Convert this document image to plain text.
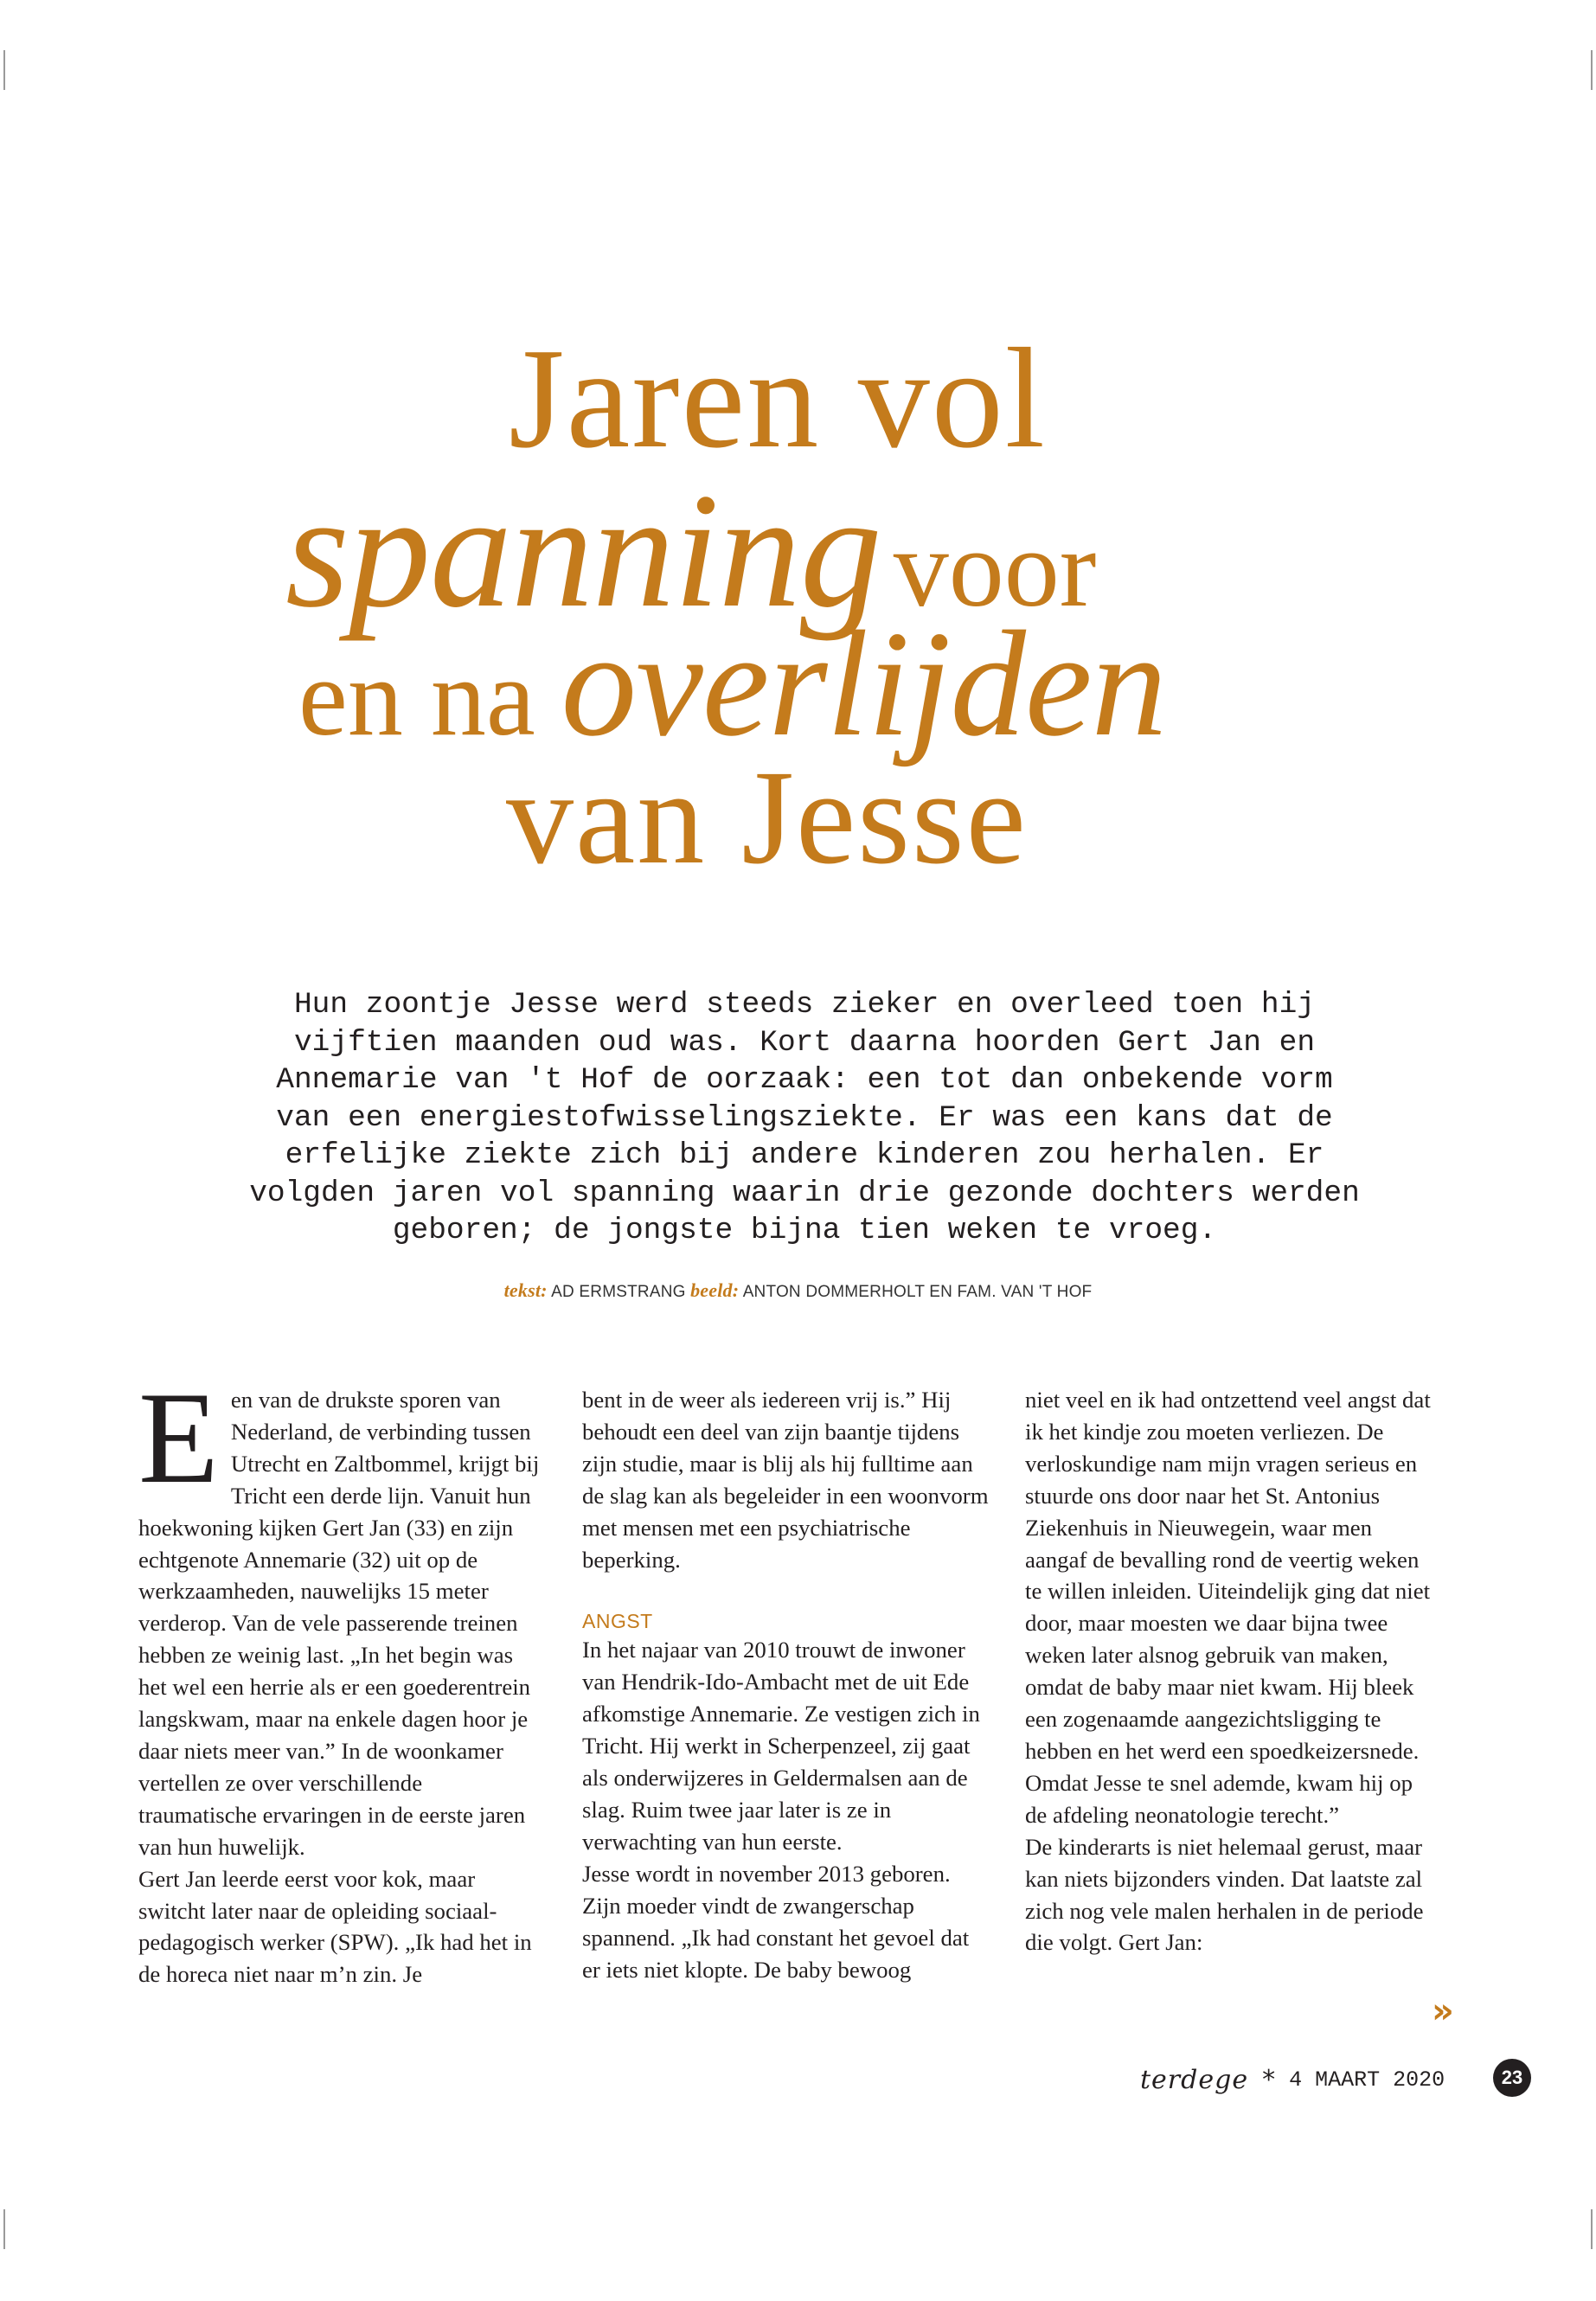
Jaren vol
spanning voor
en na overlijden
van Jesse
Hun zoontje Jesse werd steeds zieker en overleed toen hij
vijftien maanden oud was. Kort daarna hoorden Gert Jan en
Annemarie van 't Hof de oorzaak: een tot dan onbekende vorm
van een energiestofwisselingsziekte. Er was een kans dat de
erfelijke ziekte zich bij andere kinderen zou herhalen. Er
volgden jaren vol spanning waarin drie gezonde dochters werden
geboren; de jongste bijna tien weken te vroeg.
tekst: AD ERMSTRANG beeld: ANTON DOMMERHOLT EN FAM. VAN 'T HOF
E en van de drukste sporen van Nederland, de verbinding tussen Utrecht en Zaltbommel, krijgt bij Tricht een derde lijn. Vanuit hun hoekwoning kijken Gert Jan (33) en zijn echtgenote Annemarie (32) uit op de werkzaamheden, nauwelijks 15 meter verderop. Van de vele passerende treinen hebben ze weinig last. „In het begin was het wel een herrie als er een goederentrein langskwam, maar na enkele dagen hoor je daar niets meer van.” In de woonkamer vertellen ze over verschillende traumatische ervaringen in de eerste jaren van hun huwelijk.

Gert Jan leerde eerst voor kok, maar switcht later naar de opleiding sociaal-pedagogisch werker (SPW). „Ik had het in de horeca niet naar m’n zin. Je

bent in de weer als iedereen vrij is.” Hij behoudt een deel van zijn baantje tijdens zijn studie, maar is blij als hij fulltime aan de slag kan als begeleider in een woonvorm met mensen met een psychiatrische beperking.

ANGST

In het najaar van 2010 trouwt de inwoner van Hendrik-Ido-Ambacht met de uit Ede afkomstige Annemarie. Ze vestigen zich in Tricht. Hij werkt in Scherpenzeel, zij gaat als onderwijzeres in Geldermalsen aan de slag. Ruim twee jaar later is ze in verwachting van hun eerste.

Jesse wordt in november 2013 geboren. Zijn moeder vindt de zwangerschap spannend. „Ik had constant het gevoel dat er iets niet klopte. De baby bewoog

niet veel en ik had ontzettend veel angst dat ik het kindje zou moeten verliezen. De verloskundige nam mijn vragen serieus en stuurde ons door naar het St. Antonius Ziekenhuis in Nieuwegein, waar men aangaf de bevalling rond de veertig weken te willen inleiden. Uiteindelijk ging dat niet door, maar moesten we daar bijna twee weken later alsnog gebruik van maken, omdat de baby maar niet kwam. Hij bleek een zogenaamde aangezichtsligging te hebben en het werd een spoedkeizersnede. Omdat Jesse te snel ademde, kwam hij op de afdeling neonatologie terecht.”

De kinderarts is niet helemaal gerust, maar kan niets bijzonders vinden. Dat laatste zal zich nog vele malen herhalen in de periode die volgt. Gert Jan:

»
terdege * 4 MAART 2020	23
